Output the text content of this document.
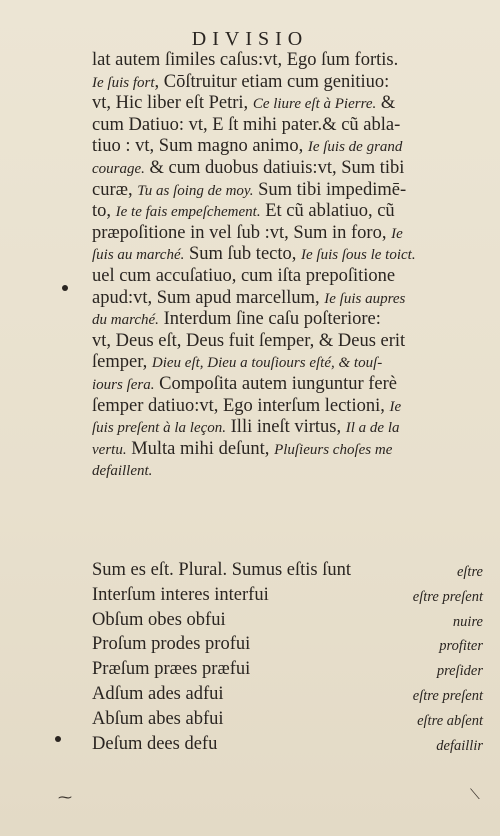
DIVISIO
lat autem ſimiles caſus:vt, Ego ſum fortis.
Ie ſuis fort, Cōſtruitur etiam cum genitiuo:
vt, Hic liber eſt Petri, Ce liure eſt à Pierre. &
cum Datiuo: vt, E ſt mihi pater.& cũ abla-
tiuo : vt, Sum magno animo, Ie ſuis de grand
courage. & cum duobus datiuis:vt, Sum tibi
curæ, Tu as ſoing de moy. Sum tibi impedimē-
to, Ie te fais empeſchement. Et cũ ablatiuo, cũ
præpoſitione in vel ſub :vt, Sum in foro, Ie
ſuis au marché. Sum ſub tecto, Ie ſuis ſous le toict.
uel cum accuſatiuo, cum iſta prepoſitione
apud:vt, Sum apud marcellum, Ie ſuis aupres
du marché. Interdum ſine caſu poſteriore:
vt, Deus eſt, Deus fuit ſemper, & Deus erit
ſemper, Dieu eſt, Dieu a touſiours eſté, & touſ-
iours ſera. Compoſita autem iunguntur ferè
ſemper datiuo:vt, Ego interſum lectioni, Ie
ſuis preſent à la leçon. Illi ineſt virtus, Il a de la
vertu. Multa mihi deſunt, Pluſieurs choſes me
defaillent.
Sum es eſt. Plural. Sumus eſtis ſunt	eſtre
Interſum interes interfui	eſtre preſent
Obſum obes obfui	nuire
Proſum prodes profui	profiter
Præſum præes præfui	preſider
Adſum ades adfui	eſtre preſent
Abſum abes abfui	eſtre abſent
Deſum dees defu	defaillir
⁓	⟍
